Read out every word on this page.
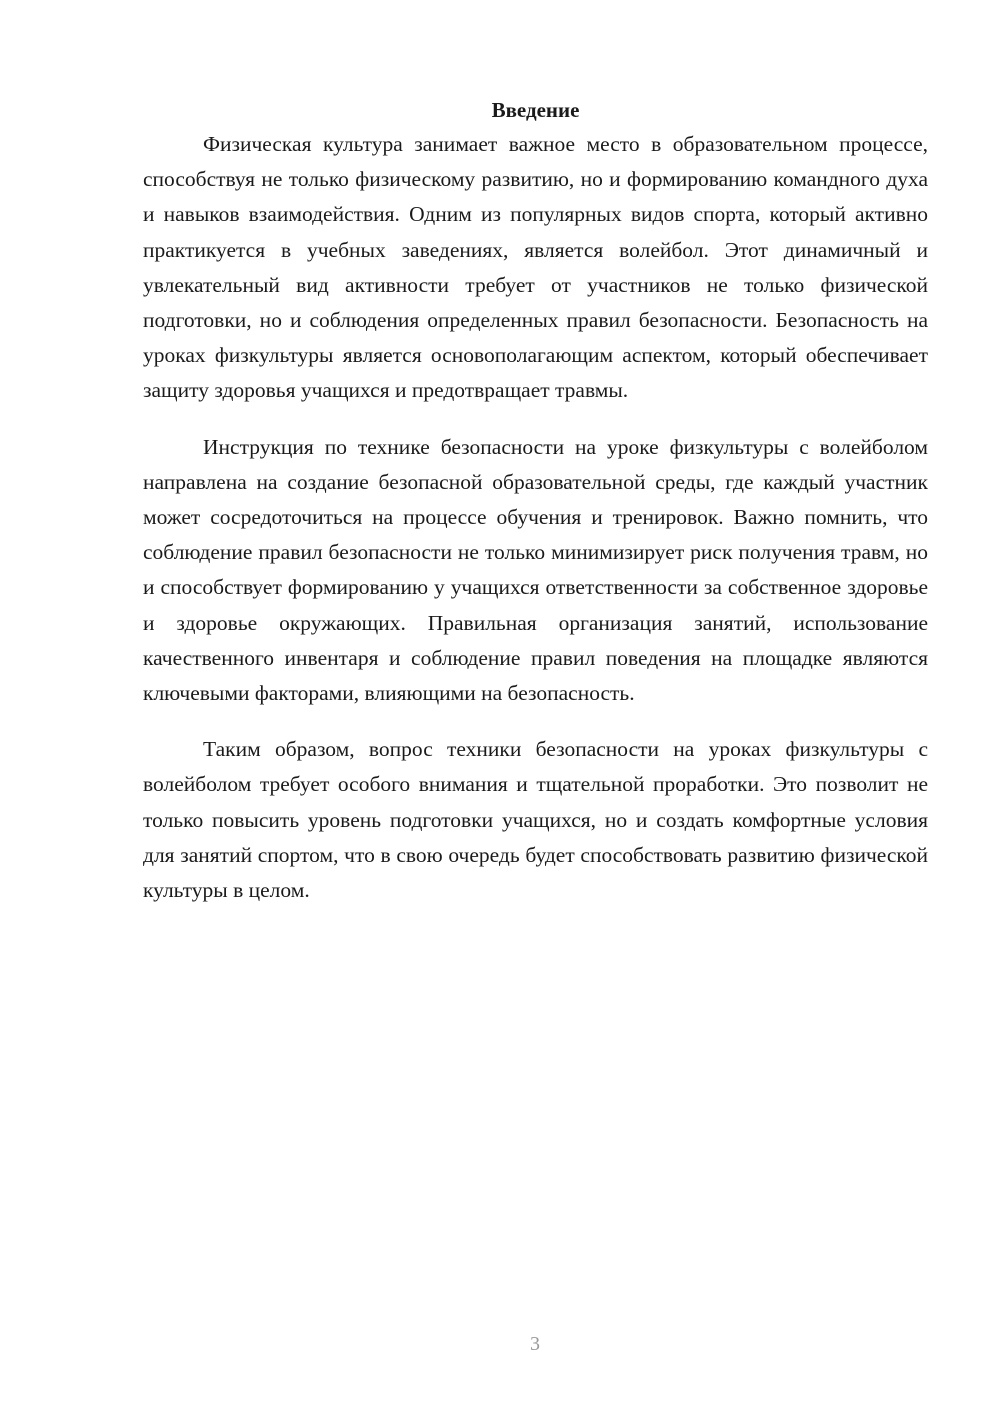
Введение

Физическая культура занимает важное место в образовательном процессе, способствуя не только физическому развитию, но и формированию командного духа и навыков взаимодействия. Одним из популярных видов спорта, который активно практикуется в учебных заведениях, является волейбол. Этот динамичный и увлекательный вид активности требует от участников не только физической подготовки, но и соблюдения определенных правил безопасности. Безопасность на уроках физкультуры является основополагающим аспектом, который обеспечивает защиту здоровья учащихся и предотвращает травмы.

Инструкция по технике безопасности на уроке физкультуры с волейболом направлена на создание безопасной образовательной среды, где каждый участник может сосредоточиться на процессе обучения и тренировок. Важно помнить, что соблюдение правил безопасности не только минимизирует риск получения травм, но и способствует формированию у учащихся ответственности за собственное здоровье и здоровье окружающих. Правильная организация занятий, использование качественного инвентаря и соблюдение правил поведения на площадке являются ключевыми факторами, влияющими на безопасность.

Таким образом, вопрос техники безопасности на уроках физкультуры с волейболом требует особого внимания и тщательной проработки. Это позволит не только повысить уровень подготовки учащихся, но и создать комфортные условия для занятий спортом, что в свою очередь будет способствовать развитию физической культуры в целом.

3
